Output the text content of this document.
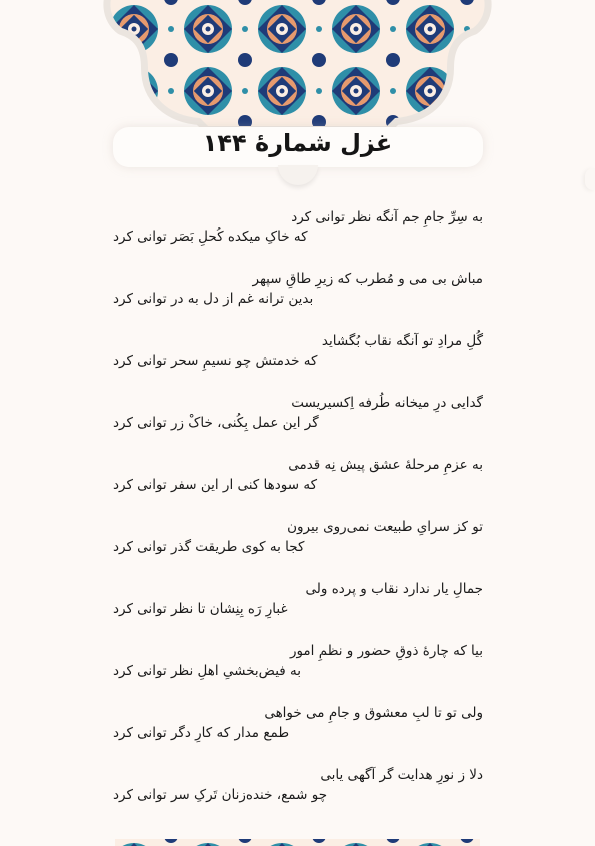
غزل شمارهٔ ۱۴۴
به سِرِّ جامِ جم آنگه نظر توانی کرد
که خاکِ میکده کُحلِ بَصَر توانی کرد
مباش بی می و مُطرب که زیرِ طاقِ سپهر
بدین ترانه غم از دل به در توانی کرد
گُلِ مرادِ تو آنگه نقاب بُگشاید
که خدمتش چو نسیمِ سحر توانی کرد
گدایی درِ میخانه طُرفه اِکسیریست
گر این عمل بِکُنی، خاکْ زر توانی کرد
به عزمِ مرحلهٔ عشق پیش نِه قدمی
که سودها کنی ار این سفر توانی کرد
تو کز سرایِ طبیعت نمی‌روی بیرون
کجا به کوی طریقت گذر توانی کرد
جمالِ یار ندارد نقاب و پرده ولی
غبارِ رَه بِنِشان تا نظر توانی کرد
بیا که چارهٔ ذوقِ حضور و نظمِ امور
به فیض‌بخشیِ اهلِ نظر توانی کرد
ولی تو تا لبِ معشوق و جامِ می خواهی
طمع مدار که کارِ دگر توانی کرد
دلا ز نورِ هدایت گر آگهی یابی
چو شمع، خنده‌زنان تَرکِ سر توانی کرد
